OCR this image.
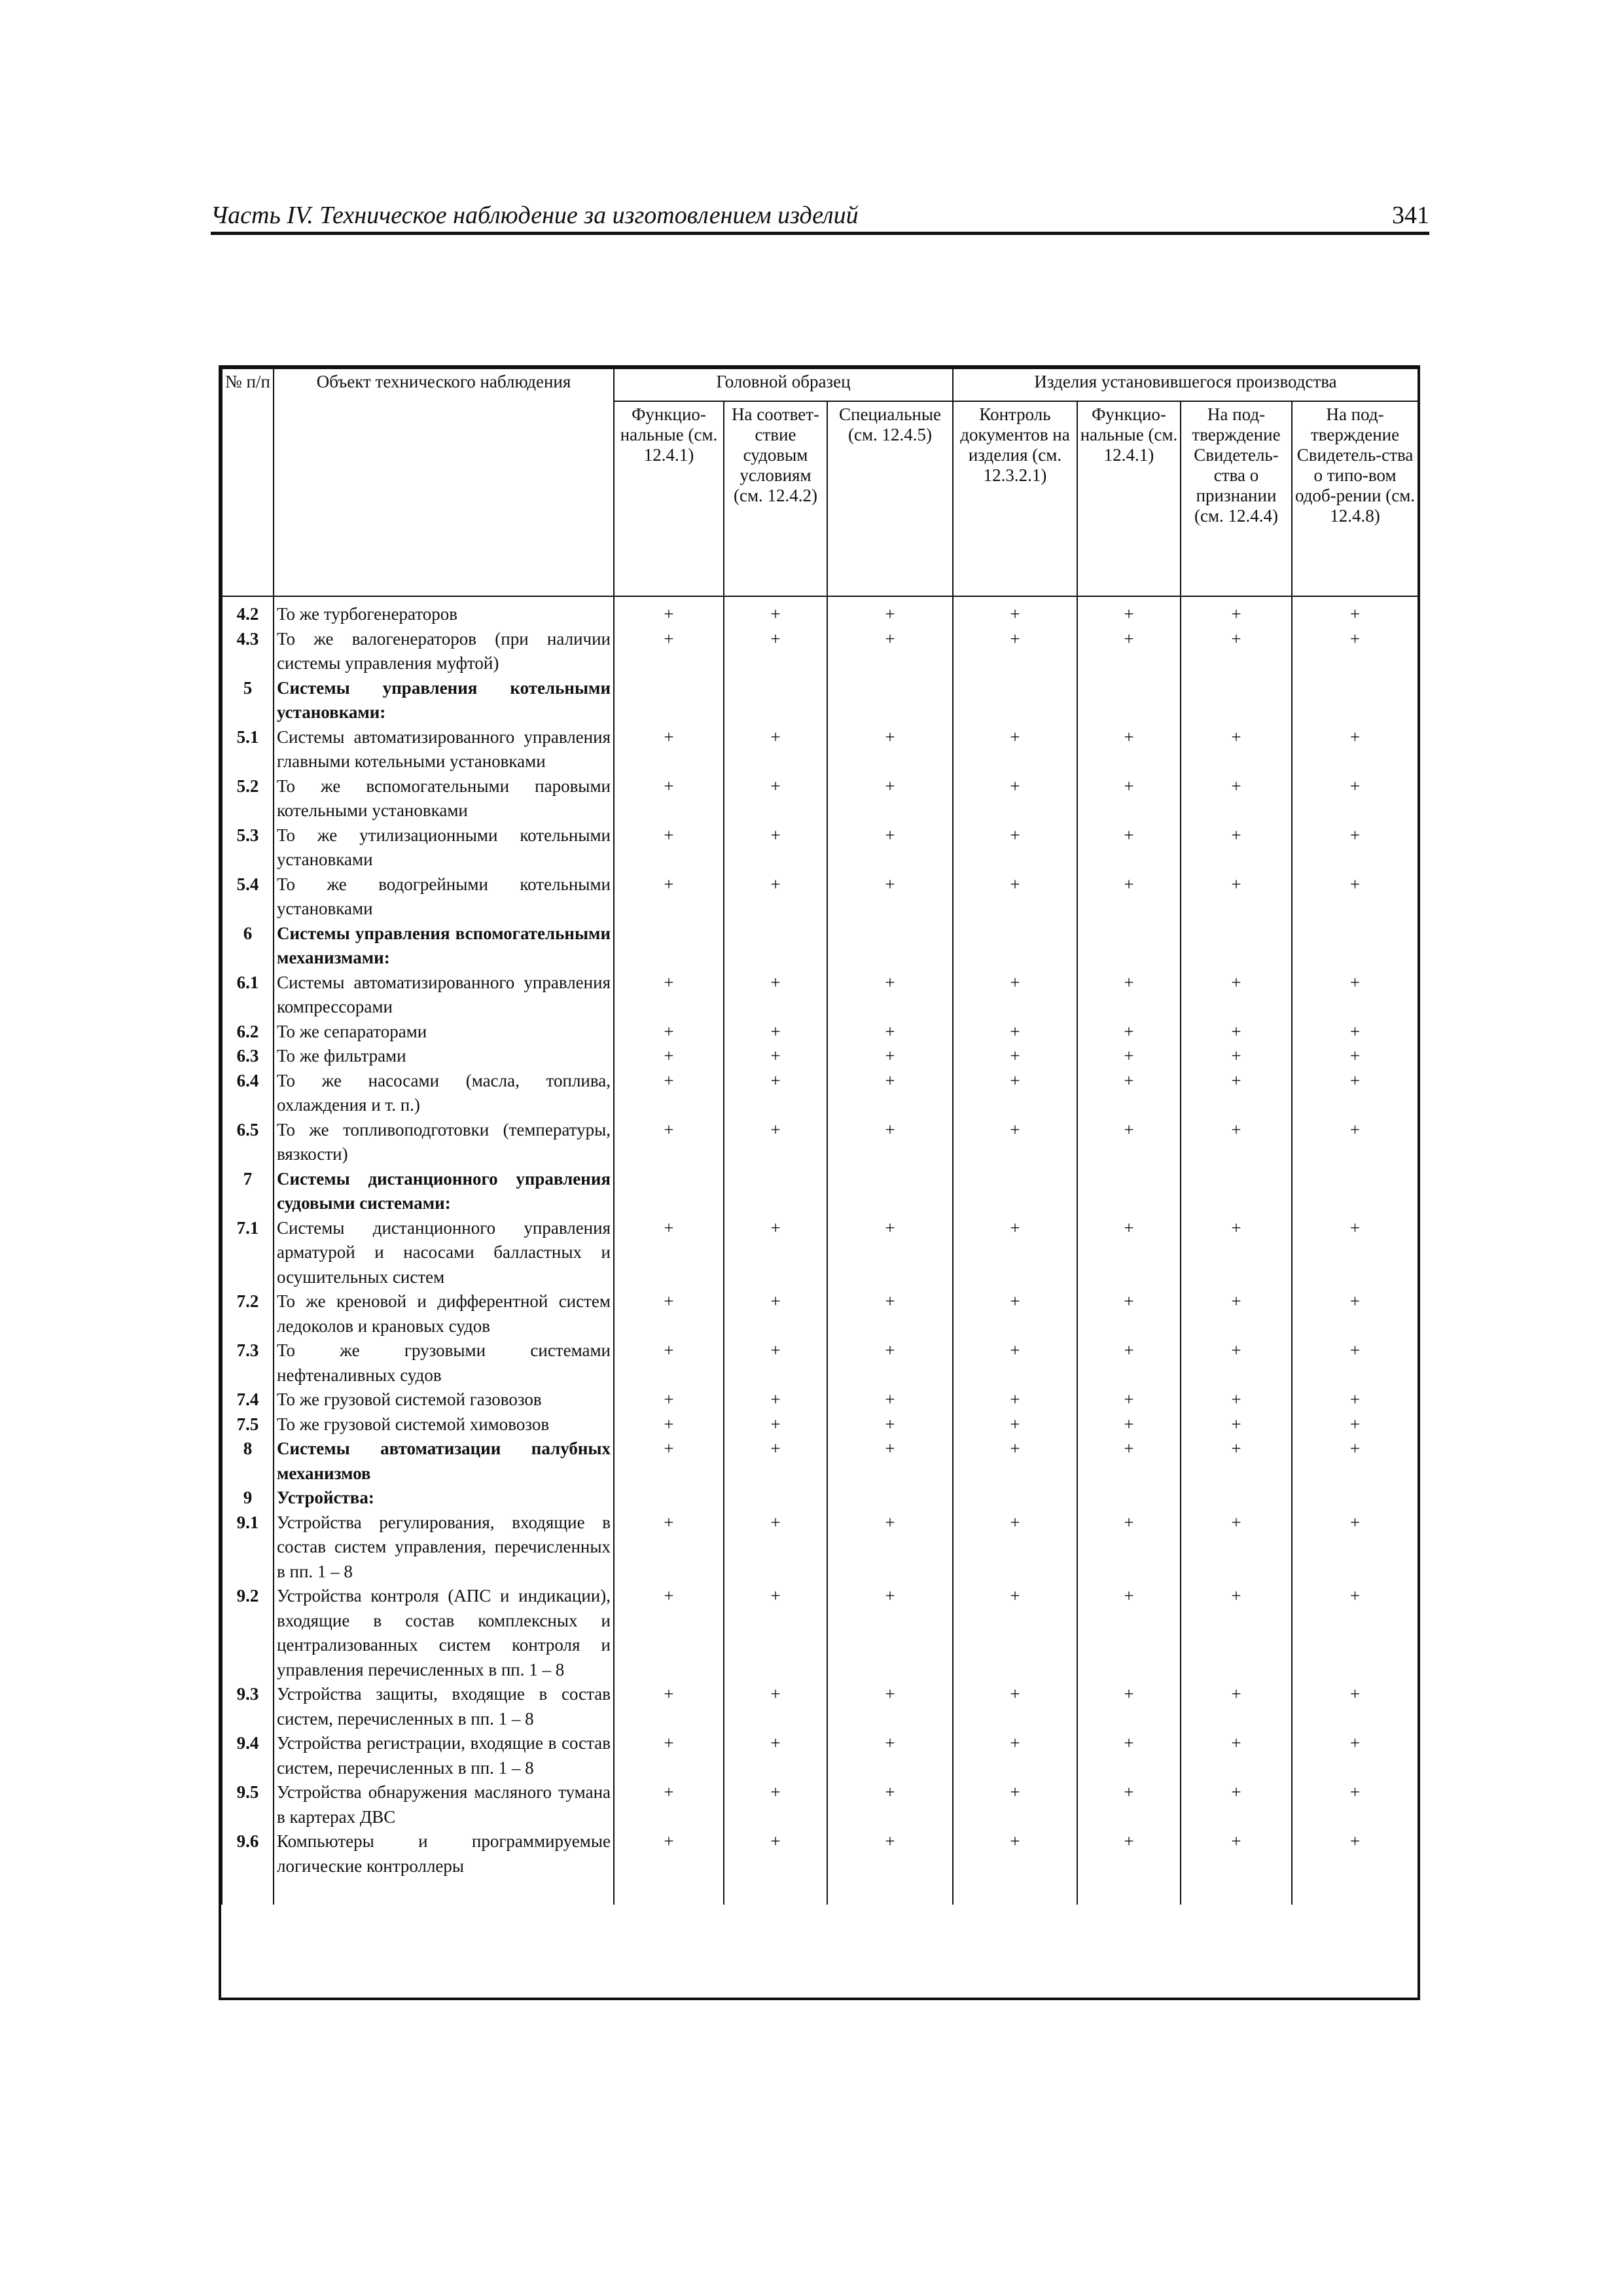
Часть IV. Техническое наблюдение за изготовлением изделий	341
№ п/п	Объект технического наблюдения	Головной образец			Изделия установившегося производства			
		Функцио-нальные (см. 12.4.1)	На соответ-ствие судовым условиям (см. 12.4.2)	Специальные (см. 12.4.5)	Контроль документов на изделия (см. 12.3.2.1)	Функцио-нальные (см. 12.4.1)	На под-тверждение Свидетель-ства о признании (см. 12.4.4)	На под-тверждение Свидетель-ства о типо-вом одоб-рении (см. 12.4.8)
4.2	То же турбогенераторов	+	+	+	+	+	+	+
4.3	То же валогенераторов (при наличии системы управления муфтой)	+	+	+	+	+	+	+
5	Системы управления котельными установками:							
5.1	Системы автоматизированного управления главными котельными установками	+	+	+	+	+	+	+
5.2	То же вспомогательными паровыми котельными установками	+	+	+	+	+	+	+
5.3	То же утилизационными котельными установками	+	+	+	+	+	+	+
5.4	То же водогрейными котельными установками	+	+	+	+	+	+	+
6	Системы управления вспомогательными механизмами:							
6.1	Системы автоматизированного управления компрессорами	+	+	+	+	+	+	+
6.2	То же сепараторами	+	+	+	+	+	+	+
6.3	То же фильтрами	+	+	+	+	+	+	+
6.4	То же насосами (масла, топлива, охлаждения и т. п.)	+	+	+	+	+	+	+
6.5	То же топливоподготовки (температуры, вязкости)	+	+	+	+	+	+	+
7	Системы дистанционного управления судовыми системами:							
7.1	Системы дистанционного управления арматурой и насосами балластных и осушительных систем	+	+	+	+	+	+	+
7.2	То же креновой и дифферентной систем ледоколов и крановых судов	+	+	+	+	+	+	+
7.3	То же грузовыми системами нефтеналивных судов	+	+	+	+	+	+	+
7.4	То же грузовой системой газовозов	+	+	+	+	+	+	+
7.5	То же грузовой системой химовозов	+	+	+	+	+	+	+
8	Системы автоматизации палубных механизмов	+	+	+	+	+	+	+
9	Устройства:							
9.1	Устройства регулирования, входящие в состав систем управления, перечисленных в пп. 1 – 8	+	+	+	+	+	+	+
9.2	Устройства контроля (АПС и индикации), входящие в состав комплексных и централизованных систем контроля и управления перечисленных в пп. 1 – 8	+	+	+	+	+	+	+
9.3	Устройства защиты, входящие в состав систем, перечисленных в пп. 1 – 8	+	+	+	+	+	+	+
9.4	Устройства регистрации, входящие в состав систем, перечисленных в пп. 1 – 8	+	+	+	+	+	+	+
9.5	Устройства обнаружения масляного тумана в картерах ДВС	+	+	+	+	+	+	+
9.6	Компьютеры и программируемые логические контроллеры	+	+	+	+	+	+	+
